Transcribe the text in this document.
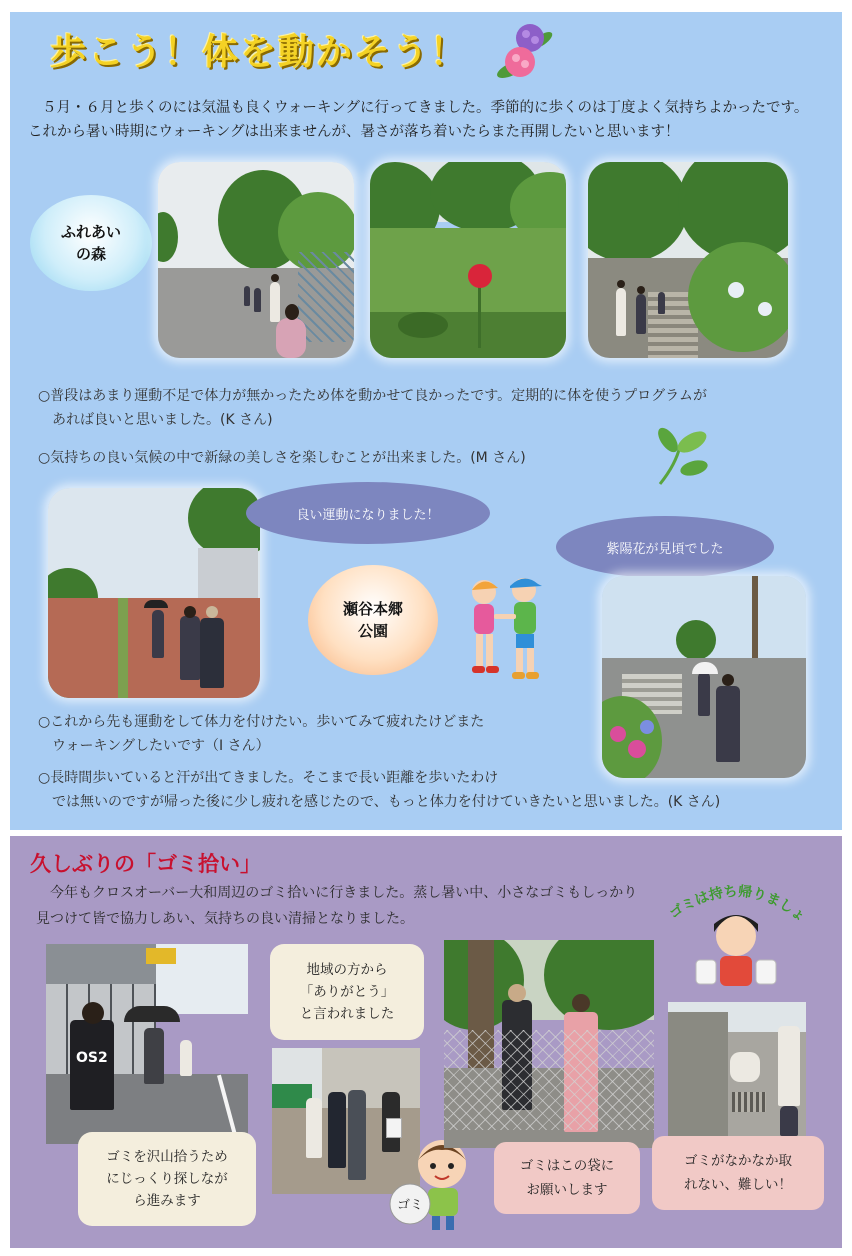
歩こう！体を動かそう！

５月・６月と歩くのには気温も良くウォーキングに行ってきました。季節的に歩くのは丁度よく気持ちよかったです。これから暑い時期にウォーキングは出来ませんが、暑さが落ち着いたらまた再開したいと思います！

ふれあい
の森

○普段はあまり運動不足で体力が無かったため体を動かせて良かったです。定期的に体を使うプログラムが
あれば良いと思いました。(K さん)

○気持ちの良い気候の中で新緑の美しさを楽しむことが出来ました。(M さん)

良い運動になりました！
紫陽花が見頃でした
瀬谷本郷
公園

○これから先も運動をして体力を付けたい。歩いてみて疲れたけどまた
ウォーキングしたいです（I さん）

○長時間歩いていると汗が出てきました。そこまで長い距離を歩いたわけ
では無いのですが帰った後に少し疲れを感じたので、もっと体力を付けていきたいと思いました。(K さん)

久しぶりの「ゴミ拾い」

今年もクロスオーバー大和周辺のゴミ拾いに行きました。蒸し暑い中、小さなゴミもしっかり見つけて皆で協力しあい、気持ちの良い清掃となりました。	ゴミは持ち帰りましょ
OS2
ゴミを沢山拾うため
にじっくり探しなが
ら進みます
地域の方から
「ありがとう」
と言われました
ゴミ
ゴミはこの袋に
お願いします
ゴミがなかなか取
れない、難しい！
